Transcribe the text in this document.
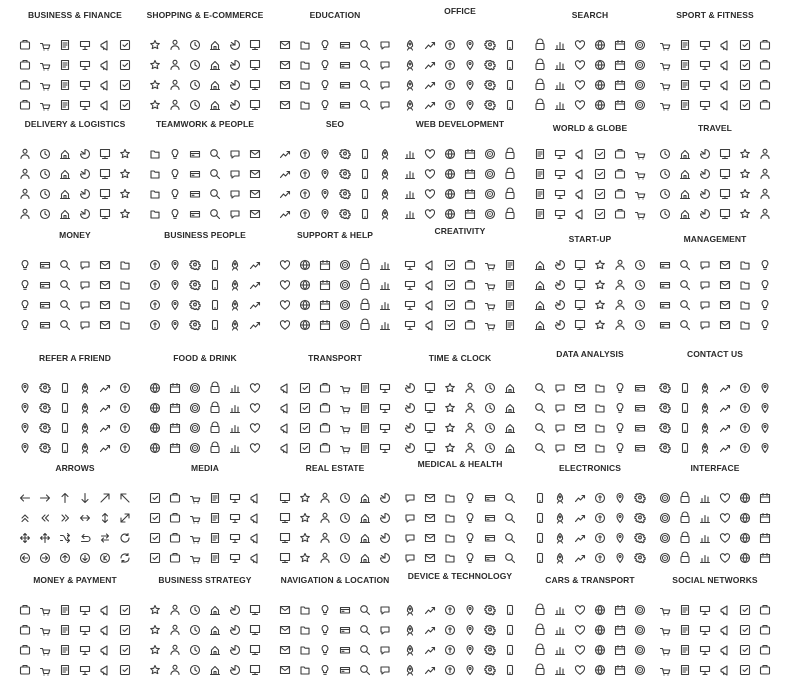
BUSINESS & FINANCE	SHOPPING & E-COMMERCE	EDUCATION	OFFICE	SEARCH	SPORT & FITNESS
DELIVERY & LOGISTICS	TEAMWORK & PEOPLE	SEO	WEB DEVELOPMENT	WORLD & GLOBE	TRAVEL
MONEY	BUSINESS PEOPLE	SUPPORT & HELP	CREATIVITY
START-UP	MANAGEMENT
REFER A FRIEND	FOOD & DRINK	TRANSPORT	TIME & CLOCK	DATA ANALYSIS	CONTACT US
ARROWS	MEDIA	REAL ESTATE	MEDICAL & HEALTH	ELECTRONICS	INTERFACE
MONEY & PAYMENT	BUSINESS STRATEGY	NAVIGATION & LOCATION	DEVICE & TECHNOLOGY	CARS & TRANSPORT	SOCIAL NETWORKS
